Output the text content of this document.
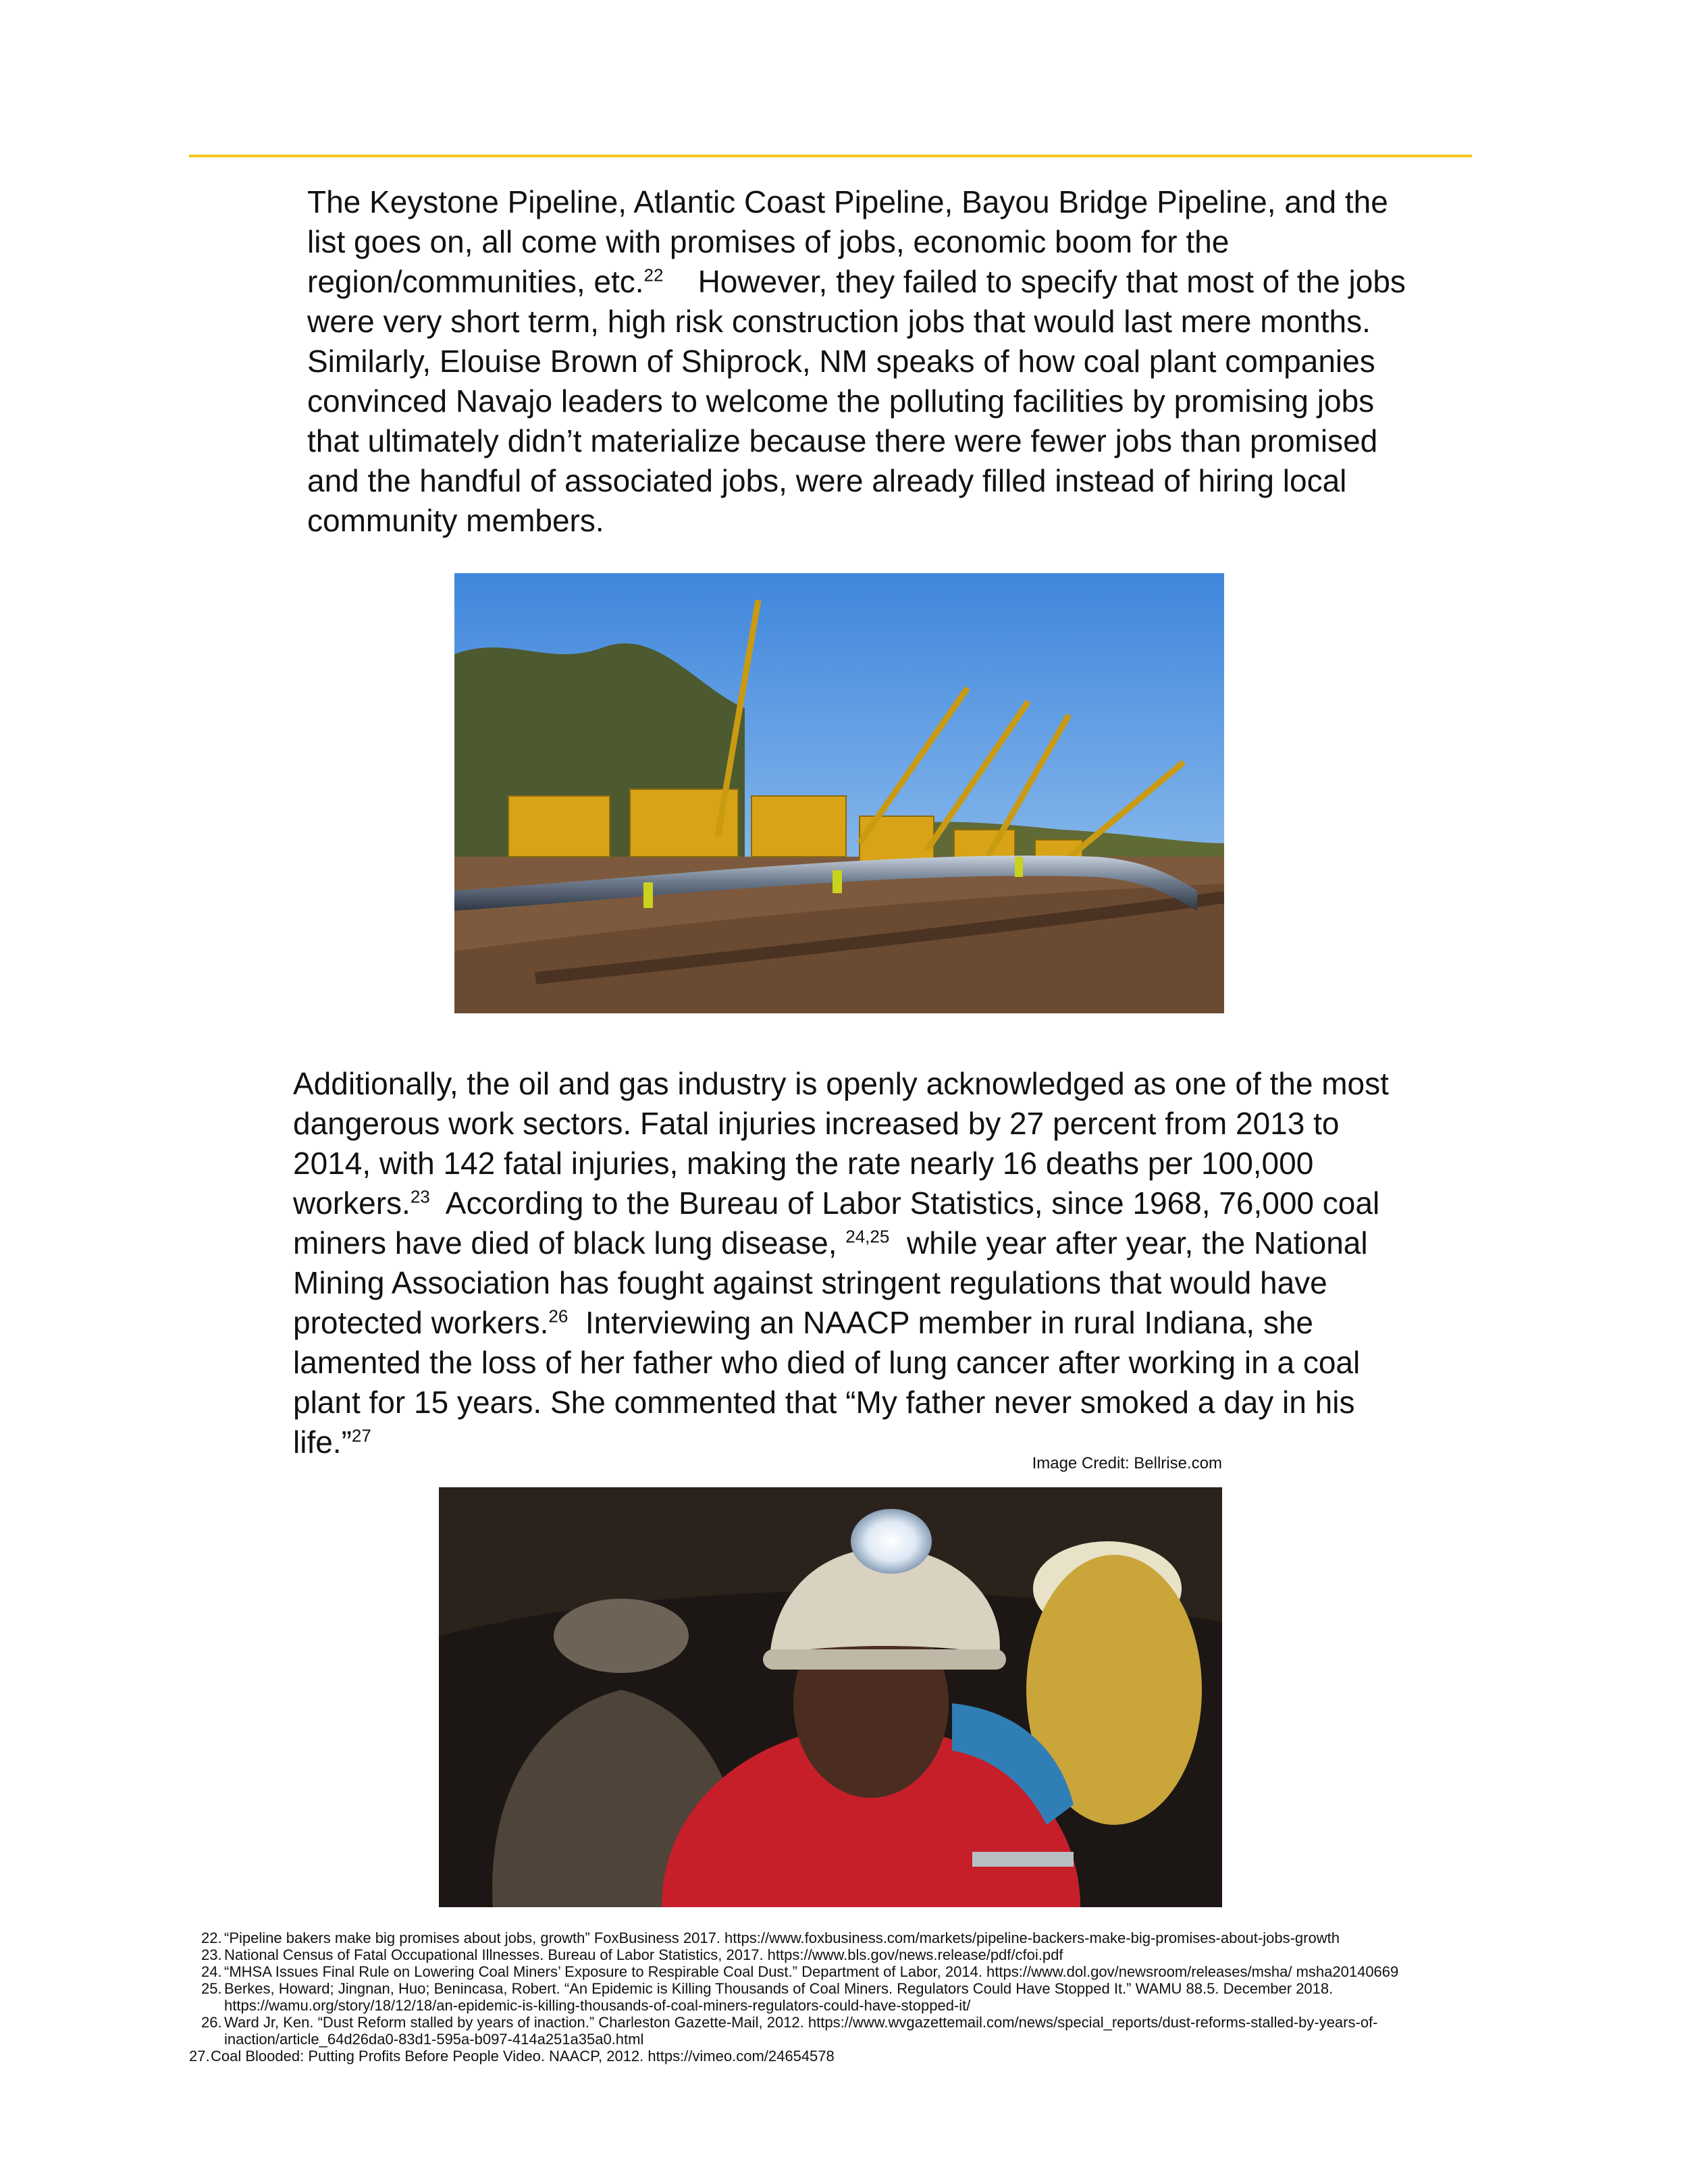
The Keystone Pipeline, Atlantic Coast Pipeline, Bayou Bridge Pipeline, and the list goes on, all come with promises of jobs, economic boom for the region/communities, etc.$^{22}$    However, they failed to specify that most of the jobs were very short term, high risk construction jobs that would last mere months. Similarly, Elouise Brown of Shiprock, NM speaks of how coal plant companies convinced Navajo leaders to welcome the polluting facilities by promising jobs that ultimately didn’t materialize because there were fewer jobs than promised and the handful of associated jobs, were already filled instead of hiring local community members.

Additionally, the oil and gas industry is openly acknowledged as one of the most dangerous work sectors. Fatal injuries increased by 27 percent from 2013 to 2014, with 142 fatal injuries, making the rate nearly 16 deaths per 100,000 workers.$^{23}$  According to the Bureau of Labor Statistics, since 1968, 76,000 coal miners have died of black lung disease, $^{24,25}$  while year after year, the National Mining Association has fought against stringent regulations that would have protected workers.$^{26}$  Interviewing an NAACP member in rural Indiana, she lamented the loss of her father who died of lung cancer after working in a coal plant for 15 years. She commented that “My father never smoked a day in his life.”$^{27}$

Image Credit: Bellrise.com
22. “Pipeline bakers make big promises about jobs, growth” FoxBusiness 2017. https://www.foxbusiness.com/markets/pipeline-backers-make-big-promises-about-jobs-growth
23. National Census of Fatal Occupational Illnesses. Bureau of Labor Statistics, 2017. https://www.bls.gov/news.release/pdf/cfoi.pdf
24. “MHSA Issues Final Rule on Lowering Coal Miners’ Exposure to Respirable Coal Dust.” Department of Labor, 2014. https://www.dol.gov/newsroom/releases/msha/ msha20140669
25. Berkes, Howard; Jingnan, Huo; Benincasa, Robert. “An Epidemic is Killing Thousands of Coal Miners. Regulators Could Have Stopped It.” WAMU 88.5. December 2018. https://wamu.org/story/18/12/18/an-epidemic-is-killing-thousands-of-coal-miners-regulators-could-have-stopped-it/
26. Ward Jr, Ken. “Dust Reform stalled by years of inaction.” Charleston Gazette-Mail, 2012. https://www.wvgazettemail.com/news/special_reports/dust-reforms-stalled-by-years-of-inaction/article_64d26da0-83d1-595a-b097-414a251a35a0.html
27. Coal Blooded: Putting Profits Before People Video. NAACP, 2012. https://vimeo.com/24654578
